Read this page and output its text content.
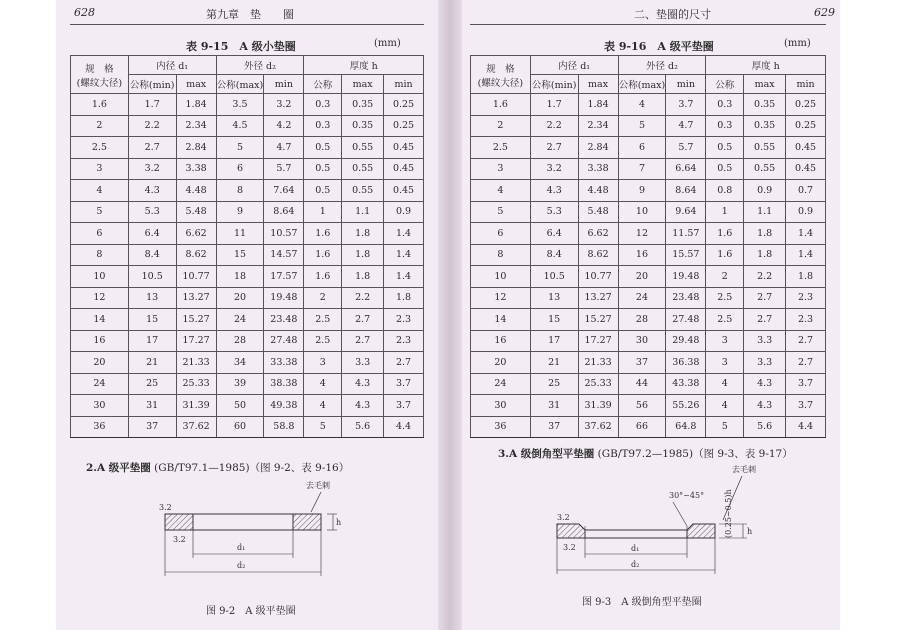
628	第九章　垫　　圈
表 9-15　A 级小垫圈	(mm)
规　格
(螺纹大径)	内径 d₁		外径 d₂		厚度 h		
	公称(min)	max	公称(max)	min	公称	max	min
1.6	1.7	1.84	3.5	3.2	0.3	0.35	0.25
2	2.2	2.34	4.5	4.2	0.3	0.35	0.25
2.5	2.7	2.84	5	4.7	0.5	0.55	0.45
3	3.2	3.38	6	5.7	0.5	0.55	0.45
4	4.3	4.48	8	7.64	0.5	0.55	0.45
5	5.3	5.48	9	8.64	1	1.1	0.9
6	6.4	6.62	11	10.57	1.6	1.8	1.4
8	8.4	8.62	15	14.57	1.6	1.8	1.4
10	10.5	10.77	18	17.57	1.6	1.8	1.4
12	13	13.27	20	19.48	2	2.2	1.8
14	15	15.27	24	23.48	2.5	2.7	2.3
16	17	17.27	28	27.48	2.5	2.7	2.3
20	21	21.33	34	33.38	3	3.3	2.7
24	25	25.33	39	38.38	4	4.3	3.7
30	31	31.39	50	49.38	4	4.3	3.7
36	37	37.62	60	58.8	5	5.6	4.4
2.A 级平垫圈 (GB/T97.1—1985)（图 9-2、表 9-16）
去毛刺
3.2
3.2
h
d₁
d₂
图 9-2　A 级平垫圈
二、垫圈的尺寸	629
表 9-16　A 级平垫圈	(mm)
规　格
(螺纹大径)	内径 d₁		外径 d₂		厚度 h		
	公称(min)	max	公称(max)	min	公称	max	min
1.6	1.7	1.84	4	3.7	0.3	0.35	0.25
2	2.2	2.34	5	4.7	0.3	0.35	0.25
2.5	2.7	2.84	6	5.7	0.5	0.55	0.45
3	3.2	3.38	7	6.64	0.5	0.55	0.45
4	4.3	4.48	9	8.64	0.8	0.9	0.7
5	5.3	5.48	10	9.64	1	1.1	0.9
6	6.4	6.62	12	11.57	1.6	1.8	1.4
8	8.4	8.62	16	15.57	1.6	1.8	1.4
10	10.5	10.77	20	19.48	2	2.2	1.8
12	13	13.27	24	23.48	2.5	2.7	2.3
14	15	15.27	28	27.48	2.5	2.7	2.3
16	17	17.27	30	29.48	3	3.3	2.7
20	21	21.33	37	36.38	3	3.3	2.7
24	25	25.33	44	43.38	4	4.3	3.7
30	31	31.39	56	55.26	4	4.3	3.7
36	37	37.62	66	64.8	5	5.6	4.4
3.A 级倒角型平垫圈 (GB/T97.2—1985)（图 9-3、表 9-17）
去毛刺
30°~45° (0.25~0.5)h
3.2
3.2
h
d₁
d₂
图 9-3　A 级倒角型平垫圈
